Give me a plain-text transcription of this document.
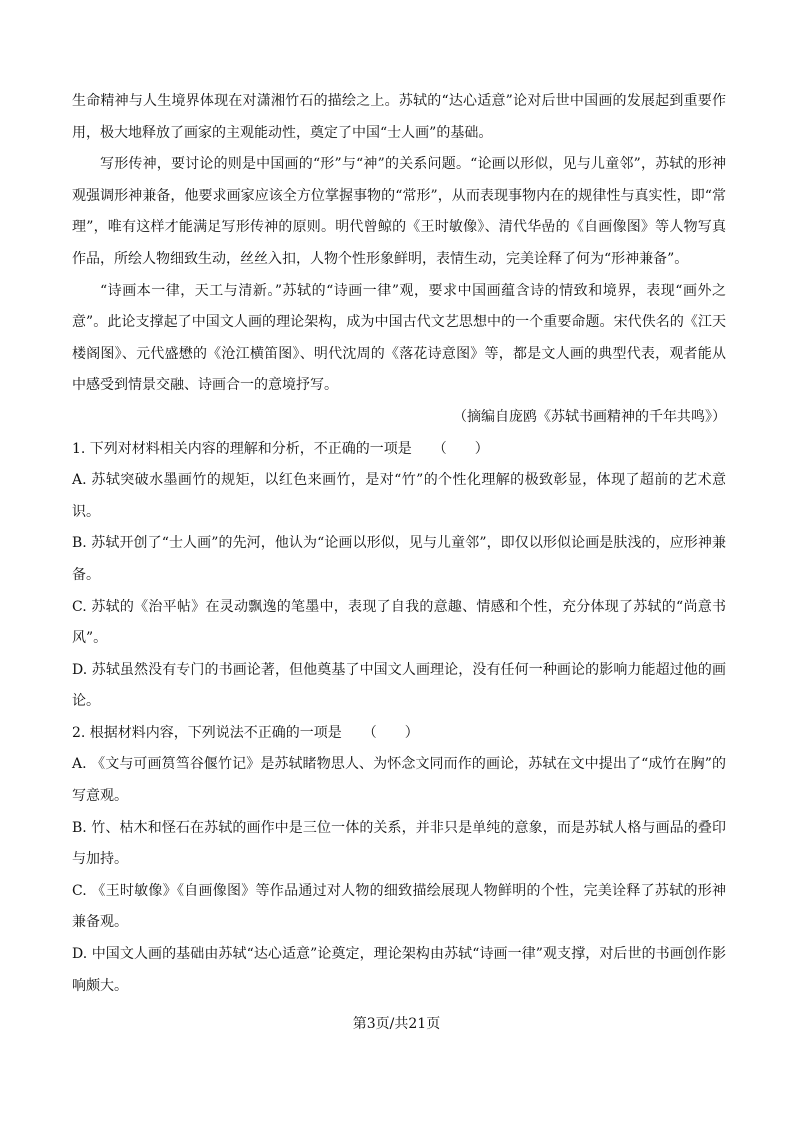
生命精神与人生境界体现在对潇湘竹石的描绘之上。苏轼的“达心适意”论对后世中国画的发展起到重要作用，极大地释放了画家的主观能动性，奠定了中国“士人画”的基础。

写形传神，要讨论的则是中国画的“形”与“神”的关系问题。“论画以形似，见与儿童邻”，苏轼的形神观强调形神兼备，他要求画家应该全方位掌握事物的“常形”，从而表现事物内在的规律性与真实性，即“常理”，唯有这样才能满足写形传神的原则。明代曾鲸的《王时敏像》、清代华嵒的《自画像图》等人物写真作品，所绘人物细致生动，丝丝入扣，人物个性形象鲜明，表情生动，完美诠释了何为“形神兼备”。

“诗画本一律，天工与清新。”苏轼的“诗画一律”观，要求中国画蕴含诗的情致和境界，表现“画外之意”。此论支撑起了中国文人画的理论架构，成为中国古代文艺思想中的一个重要命题。宋代佚名的《江天楼阁图》、元代盛懋的《沧江横笛图》、明代沈周的《落花诗意图》等，都是文人画的典型代表，观者能从中感受到情景交融、诗画合一的意境抒写。

（摘编自庞鸥《苏轼书画精神的千年共鸣》）

1. 下列对材料相关内容的理解和分析，不正确的一项是　　（　　）

A. 苏轼突破水墨画竹的规矩，以红色来画竹，是对“竹”的个性化理解的极致彰显，体现了超前的艺术意识。

B. 苏轼开创了“士人画”的先河，他认为“论画以形似，见与儿童邻”，即仅以形似论画是肤浅的，应形神兼备。

C. 苏轼的《治平帖》在灵动飘逸的笔墨中，表现了自我的意趣、情感和个性，充分体现了苏轼的“尚意书风”。

D. 苏轼虽然没有专门的书画论著，但他奠基了中国文人画理论，没有任何一种画论的影响力能超过他的画论。

2. 根据材料内容，下列说法不正确的一项是　　（　　）

A. 《文与可画筼筜谷偃竹记》是苏轼睹物思人、为怀念文同而作的画论，苏轼在文中提出了“成竹在胸”的写意观。

B. 竹、枯木和怪石在苏轼的画作中是三位一体的关系，并非只是单纯的意象，而是苏轼人格与画品的叠印与加持。

C. 《王时敏像》《自画像图》等作品通过对人物的细致描绘展现人物鲜明的个性，完美诠释了苏轼的形神兼备观。

D. 中国文人画的基础由苏轼“达心适意”论奠定，理论架构由苏轼“诗画一律”观支撑，对后世的书画创作影响颇大。

第3页/共21页
